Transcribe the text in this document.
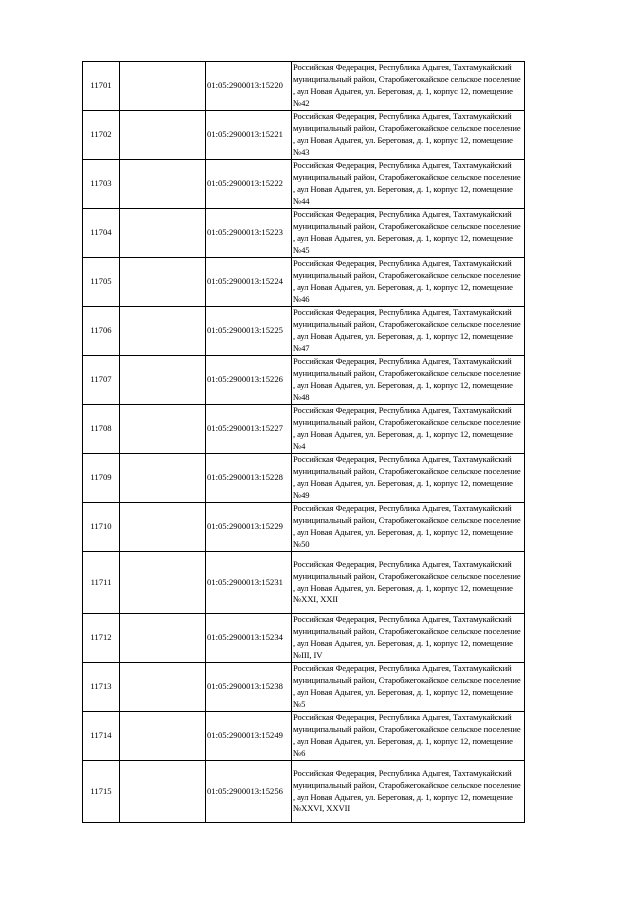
11701		01:05:2900013:15220	Российская Федерация, Республика Адыгея, Тахтамукайский муниципальный район, Старобжегокайское сельское поселение , аул Новая Адыгея, ул. Береговая, д. 1, корпус 12, помещение №42
11702		01:05:2900013:15221	Российская Федерация, Республика Адыгея, Тахтамукайский муниципальный район, Старобжегокайское сельское поселение , аул Новая Адыгея, ул. Береговая, д. 1, корпус 12, помещение №43
11703		01:05:2900013:15222	Российская Федерация, Республика Адыгея, Тахтамукайский муниципальный район, Старобжегокайское сельское поселение , аул Новая Адыгея, ул. Береговая, д. 1, корпус 12, помещение №44
11704		01:05:2900013:15223	Российская Федерация, Республика Адыгея, Тахтамукайский муниципальный район, Старобжегокайское сельское поселение , аул Новая Адыгея, ул. Береговая, д. 1, корпус 12, помещение №45
11705		01:05:2900013:15224	Российская Федерация, Республика Адыгея, Тахтамукайский муниципальный район, Старобжегокайское сельское поселение , аул Новая Адыгея, ул. Береговая, д. 1, корпус 12, помещение №46
11706		01:05:2900013:15225	Российская Федерация, Республика Адыгея, Тахтамукайский муниципальный район, Старобжегокайское сельское поселение , аул Новая Адыгея, ул. Береговая, д. 1, корпус 12, помещение №47
11707		01:05:2900013:15226	Российская Федерация, Республика Адыгея, Тахтамукайский муниципальный район, Старобжегокайское сельское поселение , аул Новая Адыгея, ул. Береговая, д. 1, корпус 12, помещение №48
11708		01:05:2900013:15227	Российская Федерация, Республика Адыгея, Тахтамукайский муниципальный район, Старобжегокайское сельское поселение , аул Новая Адыгея, ул. Береговая, д. 1, корпус 12, помещение №4
11709		01:05:2900013:15228	Российская Федерация, Республика Адыгея, Тахтамукайский муниципальный район, Старобжегокайское сельское поселение , аул Новая Адыгея, ул. Береговая, д. 1, корпус 12, помещение №49
11710		01:05:2900013:15229	Российская Федерация, Республика Адыгея, Тахтамукайский муниципальный район, Старобжегокайское сельское поселение , аул Новая Адыгея, ул. Береговая, д. 1, корпус 12, помещение №50
11711		01:05:2900013:15231	Российская Федерация, Республика Адыгея, Тахтамукайский муниципальный район, Старобжегокайское сельское поселение , аул Новая Адыгея, ул. Береговая, д. 1, корпус 12, помещение №XXI, XXII
11712		01:05:2900013:15234	Российская Федерация, Республика Адыгея, Тахтамукайский муниципальный район, Старобжегокайское сельское поселение , аул Новая Адыгея, ул. Береговая, д. 1, корпус 12, помещение №III, IV
11713		01:05:2900013:15238	Российская Федерация, Республика Адыгея, Тахтамукайский муниципальный район, Старобжегокайское сельское поселение , аул Новая Адыгея, ул. Береговая, д. 1, корпус 12, помещение №5
11714		01:05:2900013:15249	Российская Федерация, Республика Адыгея, Тахтамукайский муниципальный район, Старобжегокайское сельское поселение , аул Новая Адыгея, ул. Береговая, д. 1, корпус 12, помещение №6
11715		01:05:2900013:15256	Российская Федерация, Республика Адыгея, Тахтамукайский муниципальный район, Старобжегокайское сельское поселение , аул Новая Адыгея, ул. Береговая, д. 1, корпус 12, помещение №XXVI, XXVII
